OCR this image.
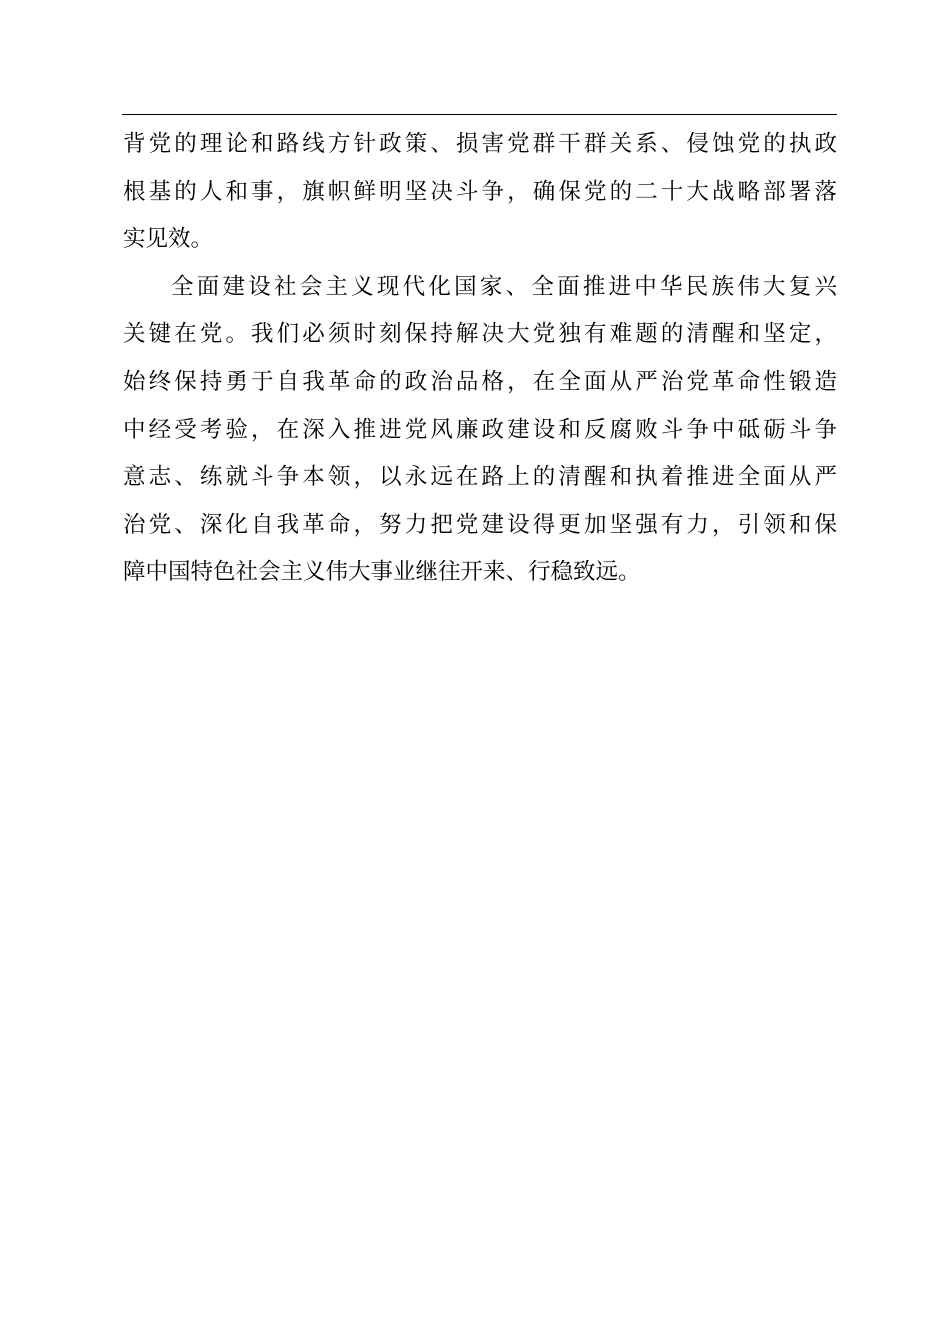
背党的理论和路线方针政策、损害党群干群关系、侵蚀党的执政
根基的人和事，旗帜鲜明坚决斗争，确保党的二十大战略部署落
实见效。
全面建设社会主义现代化国家、全面推进中华民族伟大复兴
关键在党。我们必须时刻保持解决大党独有难题的清醒和坚定，
始终保持勇于自我革命的政治品格，在全面从严治党革命性锻造
中经受考验，在深入推进党风廉政建设和反腐败斗争中砥砺斗争
意志、练就斗争本领，以永远在路上的清醒和执着推进全面从严
治党、深化自我革命，努力把党建设得更加坚强有力，引领和保
障中国特色社会主义伟大事业继往开来、行稳致远。
